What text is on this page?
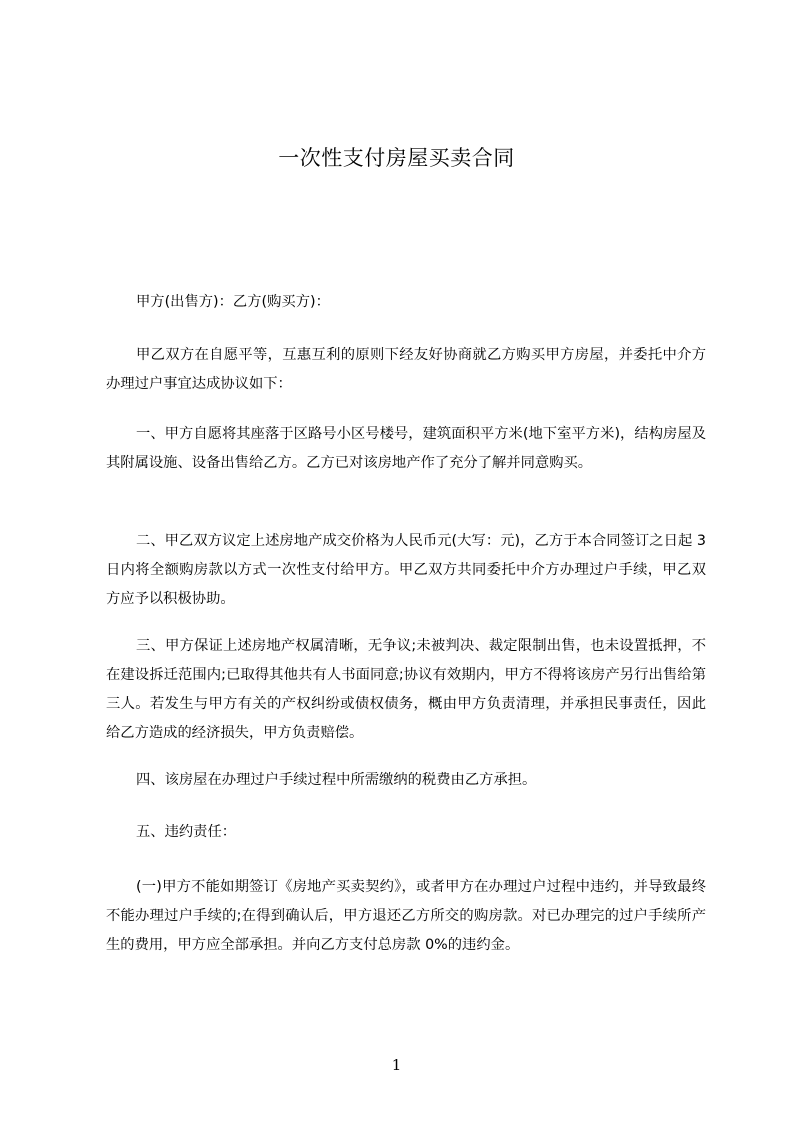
一次性支付房屋买卖合同

甲方(出售方)：乙方(购买方)：

甲乙双方在自愿平等，互惠互利的原则下经友好协商就乙方购买甲方房屋，并委托中介方办理过户事宜达成协议如下：

一、甲方自愿将其座落于区路号小区号楼号，建筑面积平方米(地下室平方米)，结构房屋及其附属设施、设备出售给乙方。乙方已对该房地产作了充分了解并同意购买。

二、甲乙双方议定上述房地产成交价格为人民币元(大写：元)，乙方于本合同签订之日起 3 日内将全额购房款以方式一次性支付给甲方。甲乙双方共同委托中介方办理过户手续，甲乙双方应予以积极协助。

三、甲方保证上述房地产权属清晰，无争议;未被判决、裁定限制出售，也未设置抵押，不在建设拆迁范围内;已取得其他共有人书面同意;协议有效期内，甲方不得将该房产另行出售给第三人。若发生与甲方有关的产权纠纷或债权债务，概由甲方负责清理，并承担民事责任，因此给乙方造成的经济损失，甲方负责赔偿。

四、该房屋在办理过户手续过程中所需缴纳的税费由乙方承担。

五、违约责任：

(一)甲方不能如期签订《房地产买卖契约》，或者甲方在办理过户过程中违约，并导致最终不能办理过户手续的;在得到确认后，甲方退还乙方所交的购房款。对已办理完的过户手续所产生的费用，甲方应全部承担。并向乙方支付总房款 0%的违约金。

1
